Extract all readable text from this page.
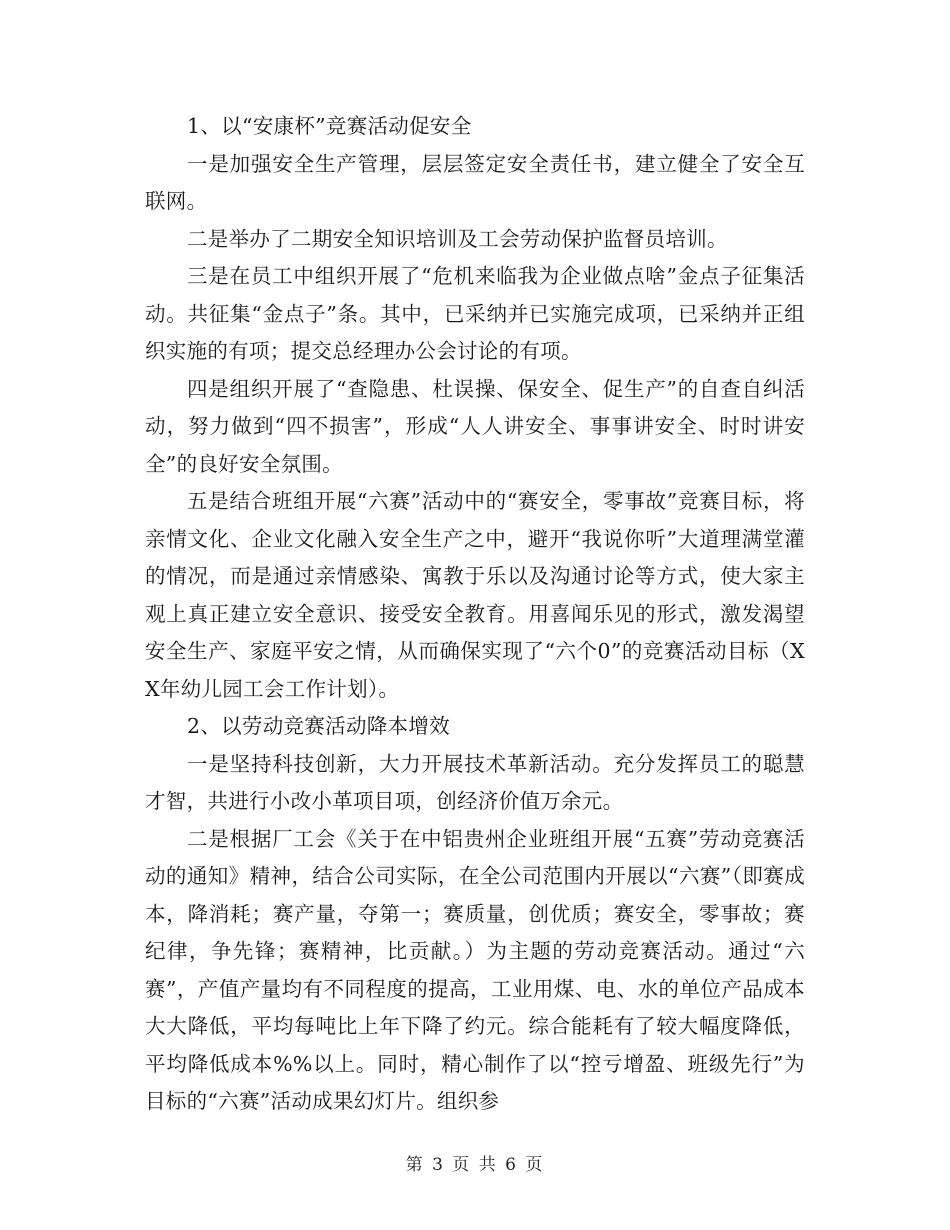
1、以“安康杯”竞赛活动促安全

一是加强安全生产管理，层层签定安全责任书，建立健全了安全互联网。

二是举办了二期安全知识培训及工会劳动保护监督员培训。

三是在员工中组织开展了“危机来临我为企业做点啥”金点子征集活动。共征集“金点子”条。其中，已采纳并已实施完成项，已采纳并正组织实施的有项；提交总经理办公会讨论的有项。

四是组织开展了“查隐患、杜误操、保安全、促生产”的自查自纠活动，努力做到“四不损害”，形成“人人讲安全、事事讲安全、时时讲安全”的良好安全氛围。

五是结合班组开展“六赛”活动中的“赛安全，零事故”竞赛目标，将亲情文化、企业文化融入安全生产之中，避开“我说你听”大道理满堂灌的情况，而是通过亲情感染、寓教于乐以及沟通讨论等方式，使大家主观上真正建立安全意识、接受安全教育。用喜闻乐见的形式，激发渴望安全生产、家庭平安之情，从而确保实现了“六个0”的竞赛活动目标（XX年幼儿园工会工作计划）。

2、以劳动竞赛活动降本增效

一是坚持科技创新，大力开展技术革新活动。充分发挥员工的聪慧才智，共进行小改小革项目项，创经济价值万余元。

二是根据厂工会《关于在中铝贵州企业班组开展“五赛”劳动竞赛活动的通知》精神，结合公司实际，在全公司范围内开展以“六赛”（即赛成本，降消耗；赛产量，夺第一；赛质量，创优质；赛安全，零事故；赛纪律，争先锋；赛精神，比贡献。）为主题的劳动竞赛活动。通过“六赛”，产值产量均有不同程度的提高，工业用煤、电、水的单位产品成本大大降低，平均每吨比上年下降了约元。综合能耗有了较大幅度降低，平均降低成本%%以上。同时，精心制作了以“控亏增盈、班级先行”为目标的“六赛”活动成果幻灯片。组织参

第 3 页 共 6 页
